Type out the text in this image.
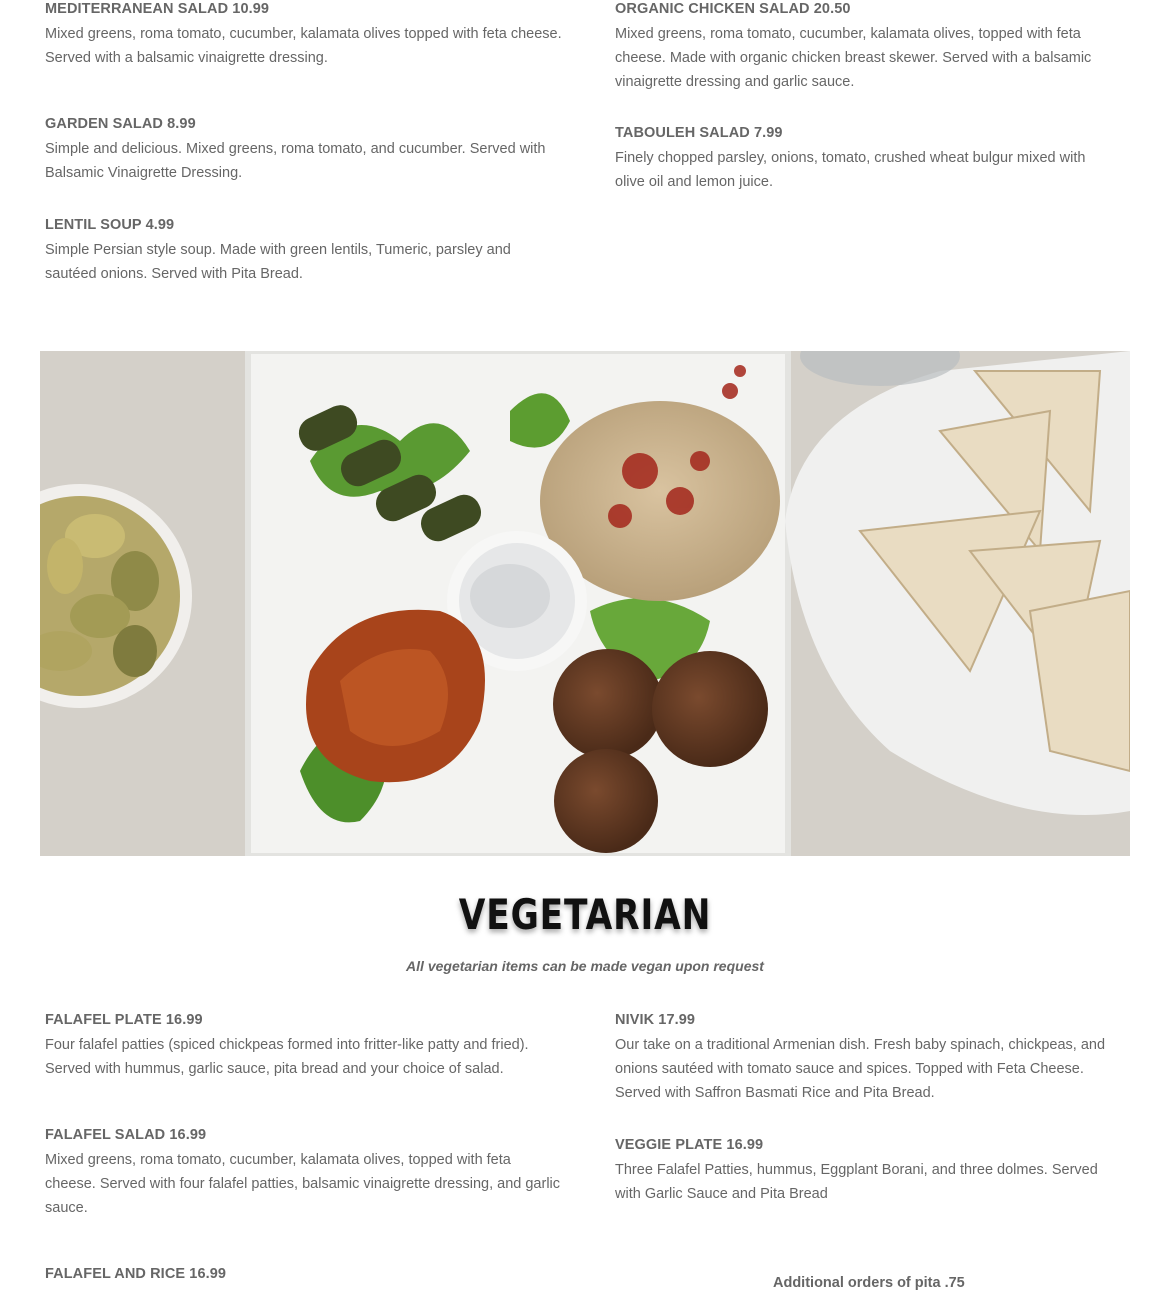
MEDITERRANEAN SALAD 10.99

Mixed greens, roma tomato, cucumber, kalamata olives topped with feta cheese. Served with a balsamic vinaigrette dressing.

GARDEN SALAD 8.99

Simple and delicious. Mixed greens, roma tomato, and cucumber. Served with Balsamic Vinaigrette Dressing.

LENTIL SOUP 4.99

Simple Persian style soup. Made with green lentils, Tumeric, parsley and sautéed onions. Served with Pita Bread.

ORGANIC CHICKEN SALAD 20.50

Mixed greens, roma tomato, cucumber, kalamata olives, topped with feta cheese. Made with organic chicken breast skewer. Served with a balsamic vinaigrette dressing and garlic sauce.

TABOULEH SALAD 7.99

Finely chopped parsley, onions, tomato, crushed wheat bulgur mixed with olive oil and lemon juice.

VEGETARIAN

All vegetarian items can be made vegan upon request

FALAFEL PLATE 16.99

Four falafel patties (spiced chickpeas formed into fritter-like patty and fried). Served with hummus, garlic sauce, pita bread and your choice of salad.

FALAFEL SALAD 16.99

Mixed greens, roma tomato, cucumber, kalamata olives, topped with feta cheese. Served with four falafel patties, balsamic vinaigrette dressing, and garlic sauce.

FALAFEL AND RICE 16.99

NIVIK 17.99

Our take on a traditional Armenian dish. Fresh baby spinach, chickpeas, and onions sautéed with tomato sauce and spices. Topped with Feta Cheese. Served with Saffron Basmati Rice and Pita Bread.

VEGGIE PLATE 16.99

Three Falafel Patties, hummus, Eggplant Borani, and three dolmes. Served with Garlic Sauce and Pita Bread

Additional orders of pita .75
